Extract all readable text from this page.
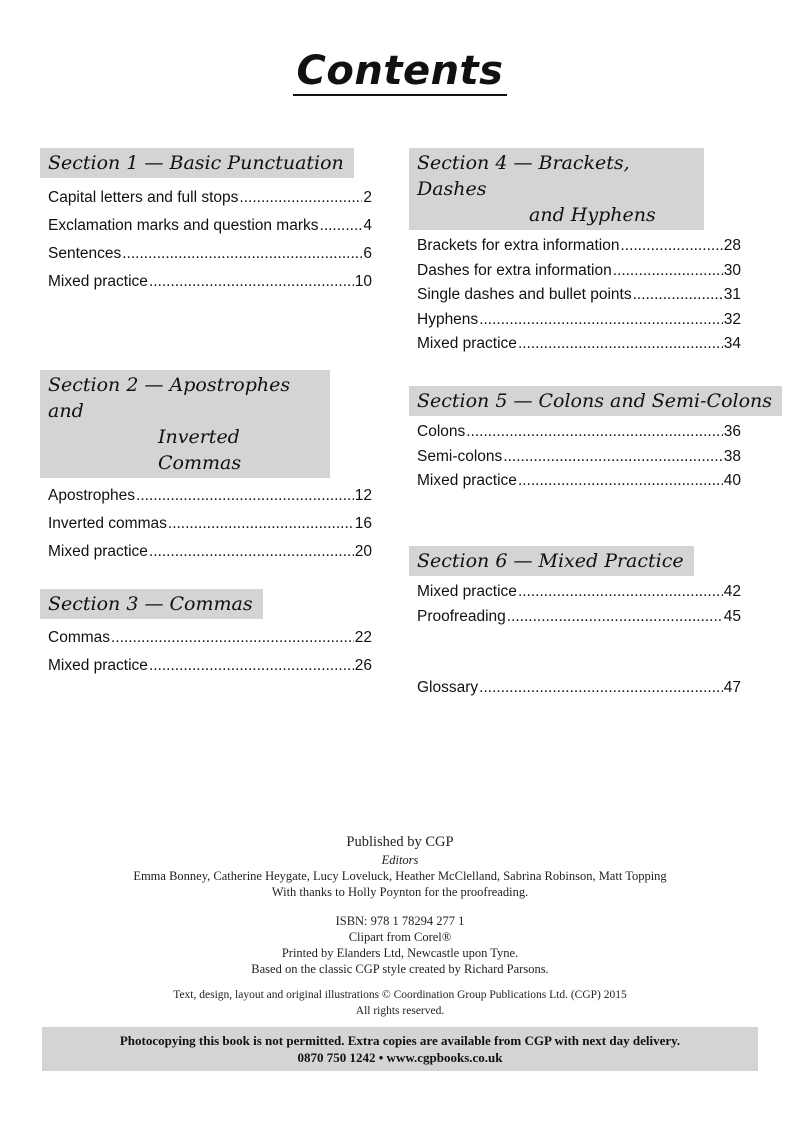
Contents
Section 1 — Basic Punctuation
Capital letters and full stops .....	2
Exclamation marks and question marks .....	4
Sentences .....	6
Mixed practice .....	10
Section 2 — Apostrophes and
Inverted Commas
Apostrophes .....	12
Inverted commas .....	16
Mixed practice .....	20
Section 3 — Commas
Commas .....	22
Mixed practice .....	26
Section 4 — Brackets, Dashes
and Hyphens
Brackets for extra information .....	28
Dashes for extra information .....	30
Single dashes and bullet points .....	31
Hyphens .....	32
Mixed practice .....	34
Section 5 — Colons and Semi-Colons
Colons .....	36
Semi-colons .....	38
Mixed practice .....	40
Section 6 — Mixed Practice
Mixed practice .....	42
Proofreading .....	45
Glossary .....	47
Published by CGP
Editors
Emma Bonney, Catherine Heygate, Lucy Loveluck, Heather McClelland, Sabrina Robinson, Matt Topping
With thanks to Holly Poynton for the proofreading.
ISBN: 978 1 78294 277 1
Clipart from Corel®
Printed by Elanders Ltd, Newcastle upon Tyne.
Based on the classic CGP style created by Richard Parsons.
Text, design, layout and original illustrations © Coordination Group Publications Ltd. (CGP) 2015
All rights reserved.
Photocopying this book is not permitted. Extra copies are available from CGP with next day delivery.
0870 750 1242 • www.cgpbooks.co.uk
